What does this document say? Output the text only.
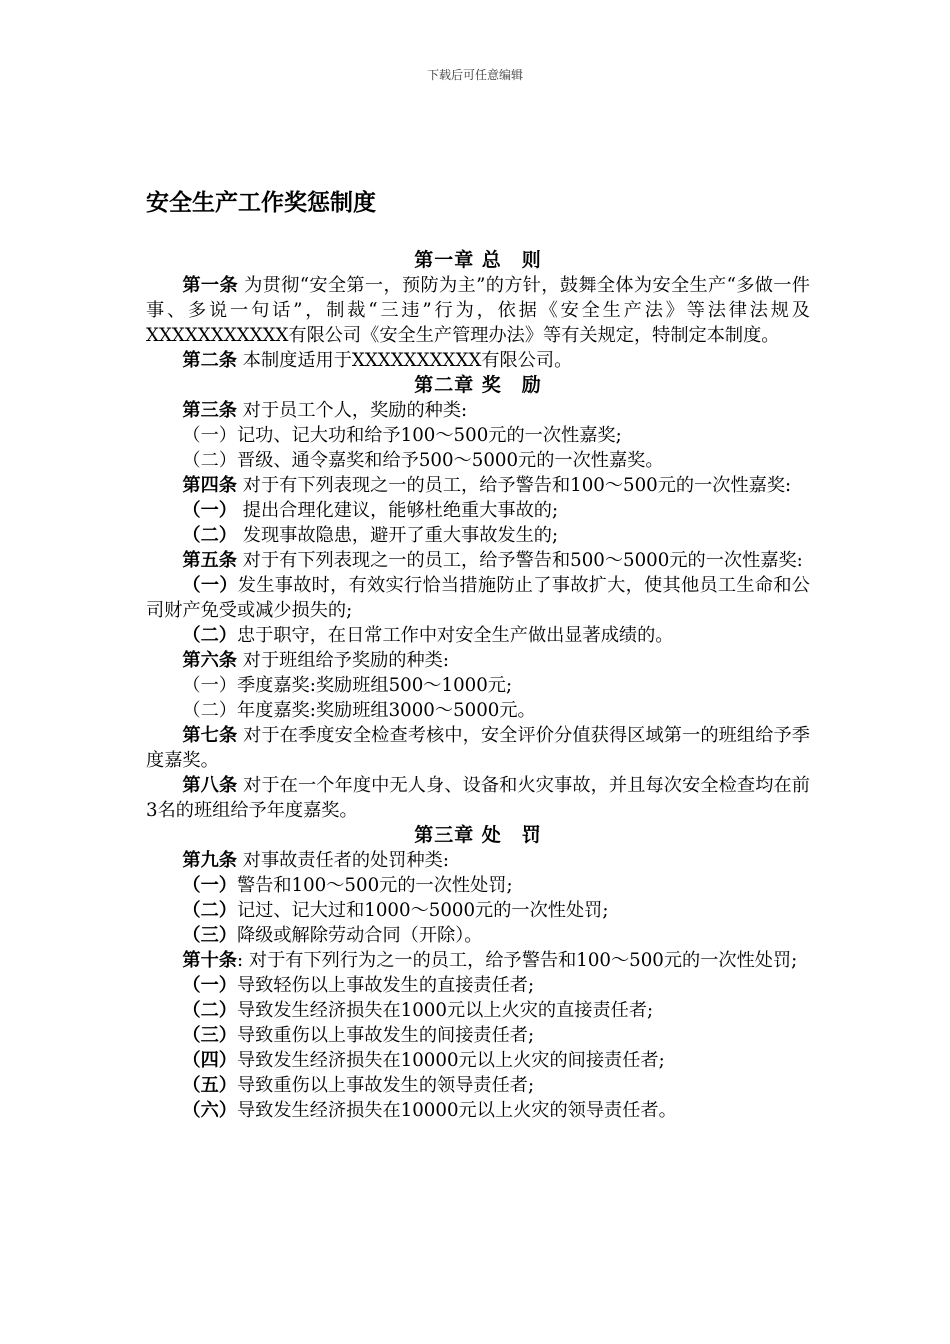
下载后可任意编辑
安全生产工作奖惩制度

第一章 总　则

第一条 为贯彻“安全第一，预防为主”的方针，鼓舞全体为安全生产“多做一件事、多说一句话”，制裁“三违”行为，依据《安全生产法》等法律法规及XXXXXXXXXXX有限公司《安全生产管理办法》等有关规定，特制定本制度。

第二条 本制度适用于XXXXXXXXXX有限公司。

第二章 奖　励

第三条 对于员工个人，奖励的种类:

（一）记功、记大功和给予100～500元的一次性嘉奖;

（二）晋级、通令嘉奖和给予500～5000元的一次性嘉奖。

第四条 对于有下列表现之一的员工，给予警告和100～500元的一次性嘉奖:

（一） 提出合理化建议，能够杜绝重大事故的;

（二） 发现事故隐患，避开了重大事故发生的;

第五条 对于有下列表现之一的员工，给予警告和500～5000元的一次性嘉奖:

（一）发生事故时，有效实行恰当措施防止了事故扩大，使其他员工生命和公司财产免受或减少损失的;

（二）忠于职守，在日常工作中对安全生产做出显著成绩的。

第六条 对于班组给予奖励的种类:

（一）季度嘉奖:奖励班组500～1000元;

（二）年度嘉奖:奖励班组3000～5000元。

第七条 对于在季度安全检查考核中，安全评价分值获得区域第一的班组给予季度嘉奖。

第八条 对于在一个年度中无人身、设备和火灾事故，并且每次安全检查均在前3名的班组给予年度嘉奖。

第三章 处　罚

第九条 对事故责任者的处罚种类:

（一）警告和100～500元的一次性处罚;

（二）记过、记大过和1000～5000元的一次性处罚;

（三）降级或解除劳动合同（开除）。

第十条: 对于有下列行为之一的员工，给予警告和100～500元的一次性处罚;

（一）导致轻伤以上事故发生的直接责任者;

（二）导致发生经济损失在1000元以上火灾的直接责任者;

（三）导致重伤以上事故发生的间接责任者;

（四）导致发生经济损失在10000元以上火灾的间接责任者;

（五）导致重伤以上事故发生的领导责任者;

（六）导致发生经济损失在10000元以上火灾的领导责任者。
